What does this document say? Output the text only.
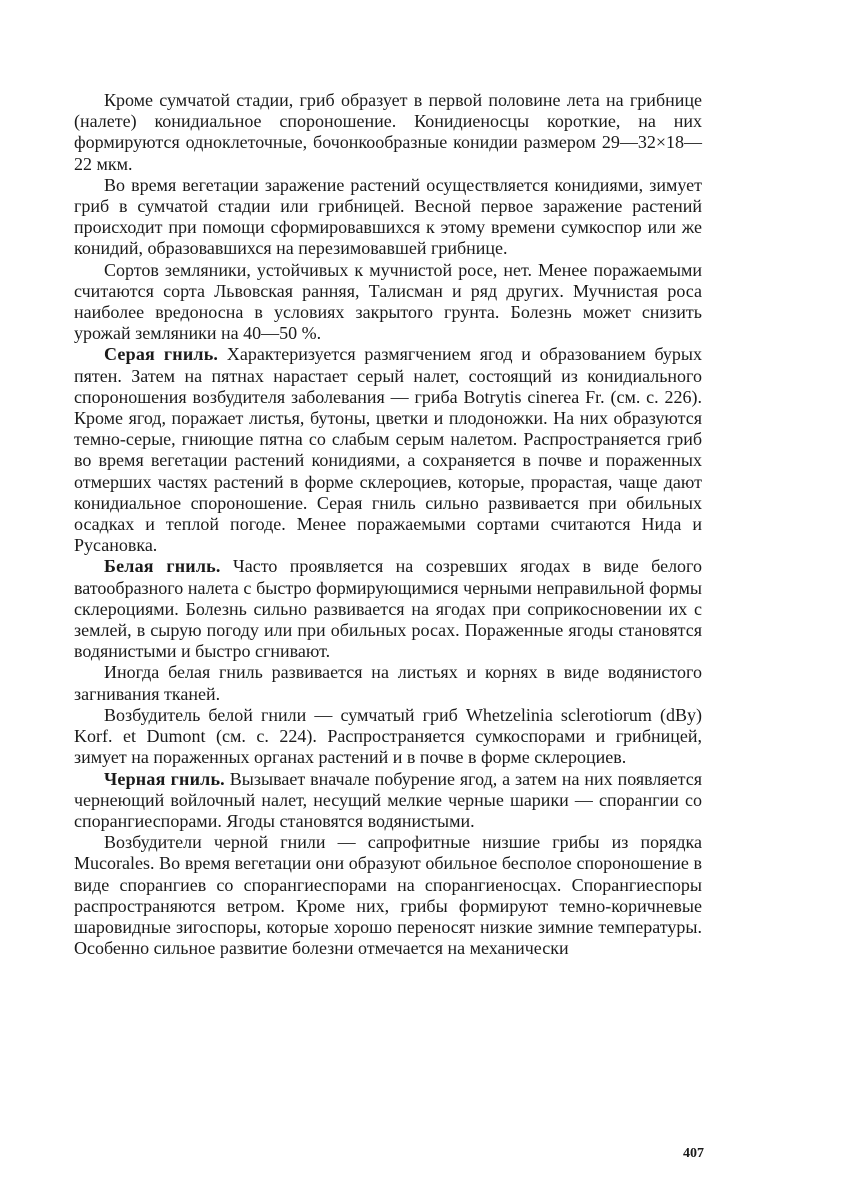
Кроме сумчатой стадии, гриб образует в первой половине лета на грибнице (налете) конидиальное спороношение. Конидиеносцы короткие, на них формируются одноклеточные, бочонкообразные конидии размером 29—32×18—22 мкм.

Во время вегетации заражение растений осуществляется конидиями, зимует гриб в сумчатой стадии или грибницей. Весной первое заражение растений происходит при помощи сформировавшихся к этому времени сумкоспор или же конидий, образовавшихся на перезимовавшей грибнице.

Сортов земляники, устойчивых к мучнистой росе, нет. Менее поражаемыми считаются сорта Львовская ранняя, Талисман и ряд других. Мучнистая роса наиболее вредоносна в условиях закрытого грунта. Болезнь может снизить урожай земляники на 40—50 %.

Серая гниль. Характеризуется размягчением ягод и образованием бурых пятен. Затем на пятнах нарастает серый налет, состоящий из конидиального спороношения возбудителя заболевания — гриба Botrytis cinerea Fr. (см. с. 226). Кроме ягод, поражает листья, бутоны, цветки и плодоножки. На них образуются темно-серые, гниющие пятна со слабым серым налетом. Распространяется гриб во время вегетации растений конидиями, а сохраняется в почве и пораженных отмерших частях растений в форме склероциев, которые, прорастая, чаще дают конидиальное спороношение. Серая гниль сильно развивается при обильных осадках и теплой погоде. Менее поражаемыми сортами считаются Нида и Русановка.

Белая гниль. Часто проявляется на созревших ягодах в виде белого ватообразного налета с быстро формирующимися черными неправильной формы склероциями. Болезнь сильно развивается на ягодах при соприкосновении их с землей, в сырую погоду или при обильных росах. Пораженные ягоды становятся водянистыми и быстро сгнивают.

Иногда белая гниль развивается на листьях и корнях в виде водянистого загнивания тканей.

Возбудитель белой гнили — сумчатый гриб Whetzelinia sclerotiorum (dBy) Korf. et Dumont (см. с. 224). Распространяется сумкоспорами и грибницей, зимует на пораженных органах растений и в почве в форме склероциев.

Черная гниль. Вызывает вначале побурение ягод, а затем на них появляется чернеющий войлочный налет, несущий мелкие черные шарики — спорангии со спорангиеспорами. Ягоды становятся водянистыми.

Возбудители черной гнили — сапрофитные низшие грибы из порядка Mucorales. Во время вегетации они образуют обильное бесполое спороношение в виде спорангиев со спорангиеспорами на спорангиеносцах. Спорангиеспоры распространяются ветром. Кроме них, грибы формируют темно-коричневые шаровидные зигоспоры, которые хорошо переносят низкие зимние температуры. Особенно сильное развитие болезни отмечается на механически

407
